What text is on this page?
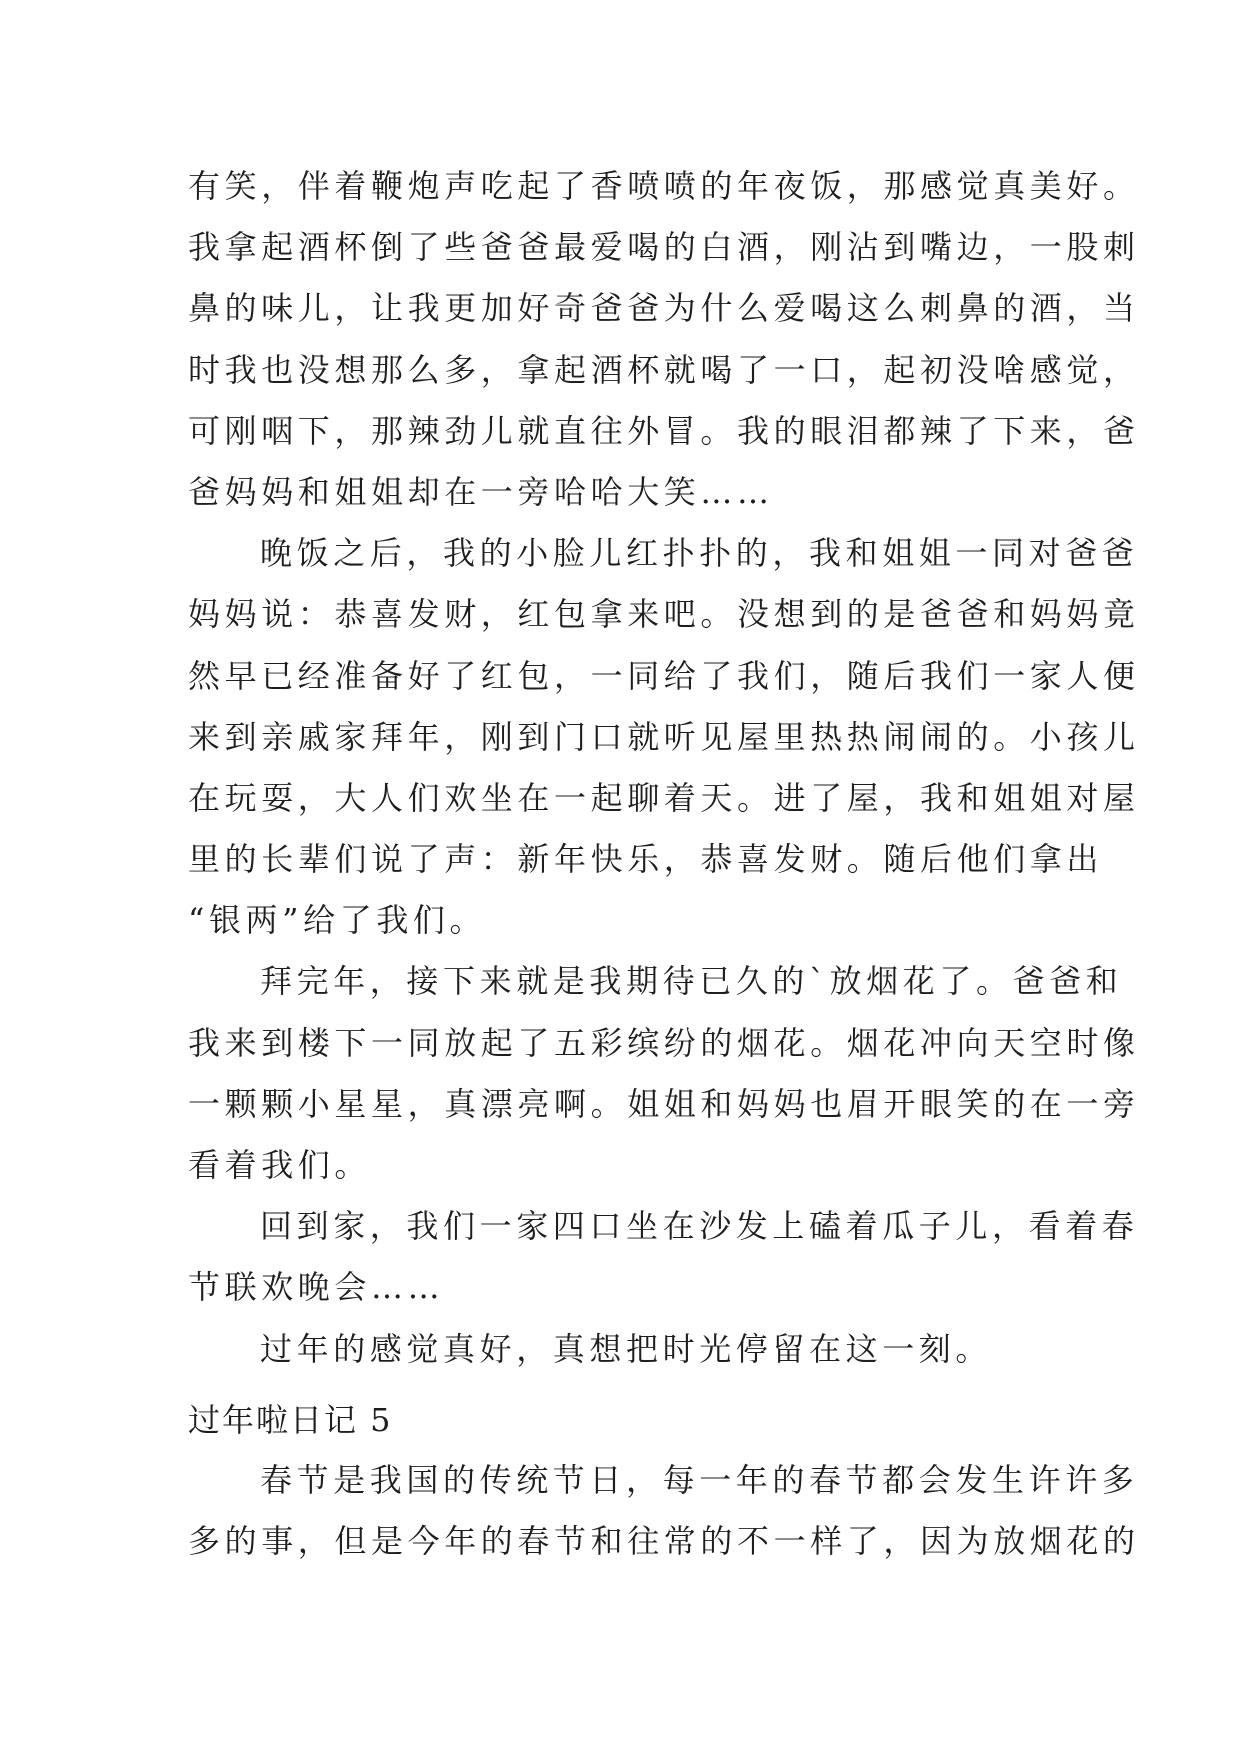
有笑，伴着鞭炮声吃起了香喷喷的年夜饭，那感觉真美好。
我拿起酒杯倒了些爸爸最爱喝的白酒，刚沾到嘴边，一股刺
鼻的味儿，让我更加好奇爸爸为什么爱喝这么刺鼻的酒，当
时我也没想那么多，拿起酒杯就喝了一口，起初没啥感觉，
可刚咽下，那辣劲儿就直往外冒。我的眼泪都辣了下来，爸
爸妈妈和姐姐却在一旁哈哈大笑……
晚饭之后，我的小脸儿红扑扑的，我和姐姐一同对爸爸
妈妈说：恭喜发财，红包拿来吧。没想到的是爸爸和妈妈竟
然早已经准备好了红包，一同给了我们，随后我们一家人便
来到亲戚家拜年，刚到门口就听见屋里热热闹闹的。小孩儿
在玩耍，大人们欢坐在一起聊着天。进了屋，我和姐姐对屋
里的长辈们说了声：新年快乐，恭喜发财。随后他们拿出
“银两”给了我们。
拜完年，接下来就是我期待已久的`放烟花了。爸爸和
我来到楼下一同放起了五彩缤纷的烟花。烟花冲向天空时像
一颗颗小星星，真漂亮啊。姐姐和妈妈也眉开眼笑的在一旁
看着我们。
回到家，我们一家四口坐在沙发上磕着瓜子儿，看着春
节联欢晚会……
过年的感觉真好，真想把时光停留在这一刻。
过年啦日记 5
春节是我国的传统节日，每一年的春节都会发生许许多
多的事，但是今年的春节和往常的不一样了，因为放烟花的
